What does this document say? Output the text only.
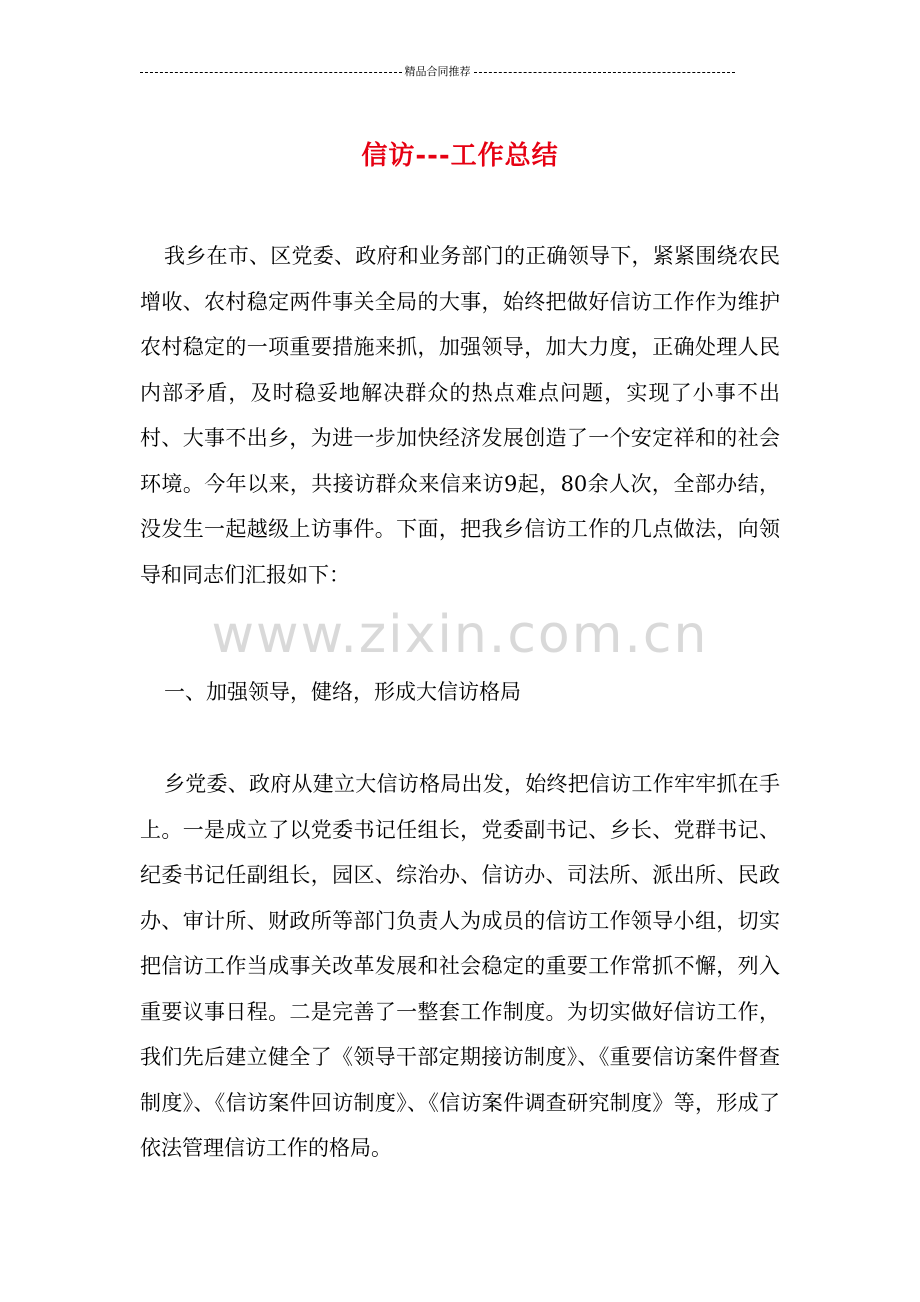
精品合同推荐
信访---工作总结

我乡在市、区党委、政府和业务部门的正确领导下，紧紧围绕农民增收、农村稳定两件事关全局的大事，始终把做好信访工作作为维护农村稳定的一项重要措施来抓，加强领导，加大力度，正确处理人民内部矛盾，及时稳妥地解决群众的热点难点问题，实现了小事不出村、大事不出乡，为进一步加快经济发展创造了一个安定祥和的社会环境。今年以来，共接访群众来信来访9起，80余人次，全部办结，没发生一起越级上访事件。下面，把我乡信访工作的几点做法，向领导和同志们汇报如下：

www.zixin.com.cn

一、加强领导，健络，形成大信访格局

乡党委、政府从建立大信访格局出发，始终把信访工作牢牢抓在手上。一是成立了以党委书记任组长，党委副书记、乡长、党群书记、纪委书记任副组长，园区、综治办、信访办、司法所、派出所、民政办、审计所、财政所等部门负责人为成员的信访工作领导小组，切实把信访工作当成事关改革发展和社会稳定的重要工作常抓不懈，列入重要议事日程。二是完善了一整套工作制度。为切实做好信访工作，我们先后建立健全了《领导干部定期接访制度》、《重要信访案件督查制度》、《信访案件回访制度》、《信访案件调查研究制度》等，形成了依法管理信访工作的格局。
